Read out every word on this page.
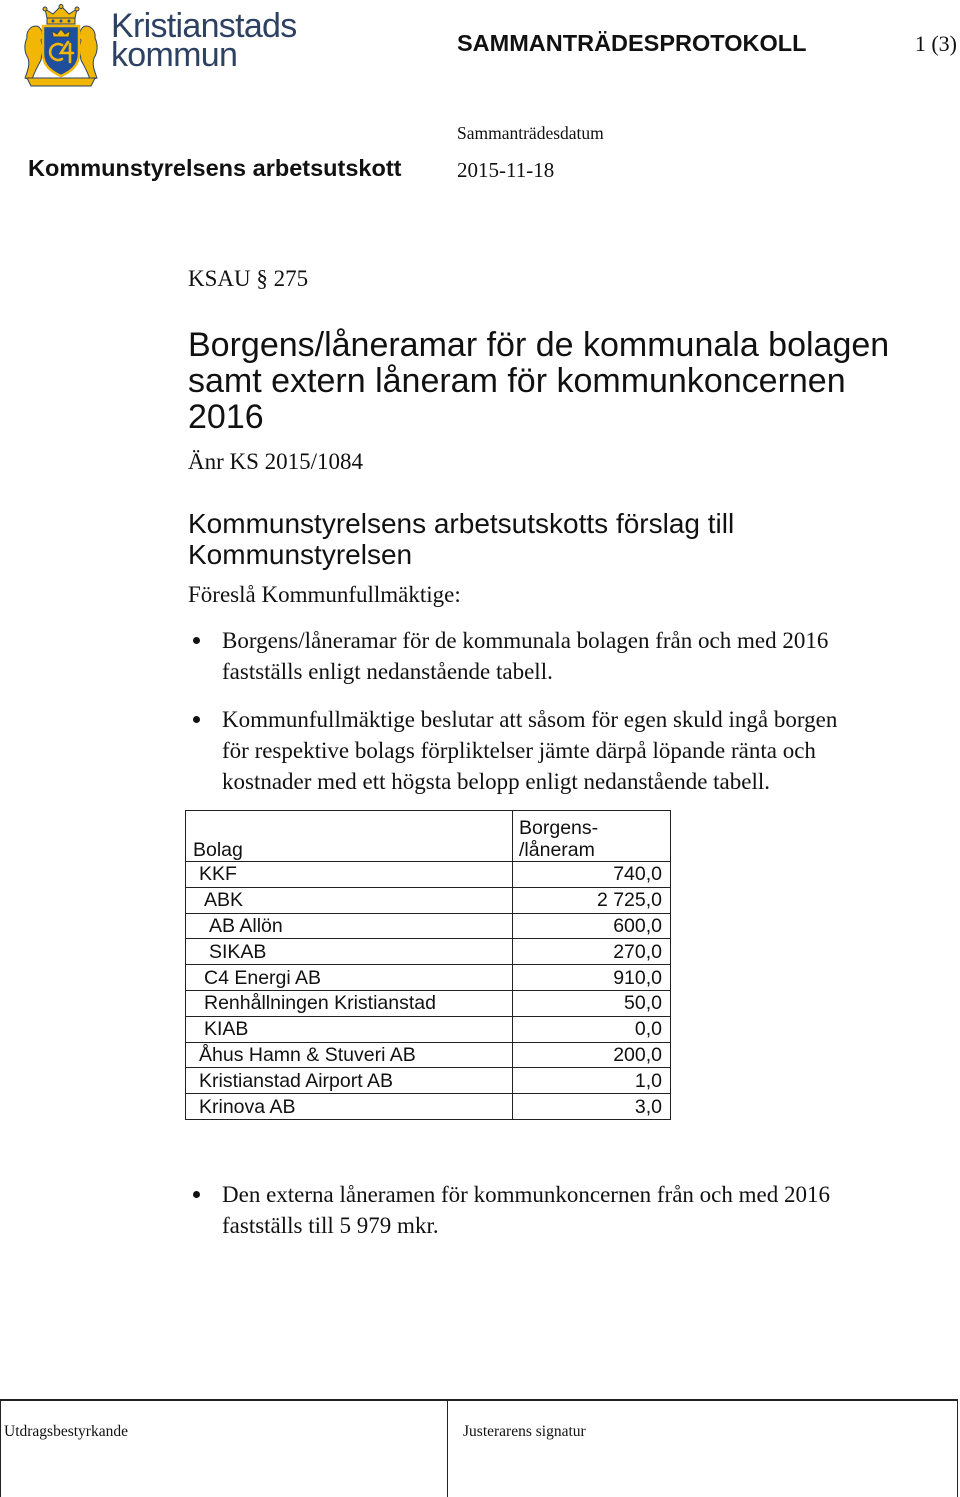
Kristianstads
kommun	SAMMANTRÄDESPROTOKOLL	1 (3)
Sammanträdesdatum
Kommunstyrelsens arbetsutskott	2015-11-18
KSAU § 275
Borgens/låneramar för de kommunala bolagen
samt extern låneram för kommunkoncernen
2016
Änr KS 2015/1084
Kommunstyrelsens arbetsutskotts förslag till
Kommunstyrelsen
Föreslå Kommunfullmäktige:
Borgens/låneramar för de kommunala bolagen från och med 2016
fastställs enligt nedanstående tabell.
Kommunfullmäktige beslutar att såsom för egen skuld ingå borgen
för respektive bolags förpliktelser jämte därpå löpande ränta och
kostnader med ett högsta belopp enligt nedanstående tabell.
Bolag	Borgens-
/låneram

KKF	740,0
ABK	2 725,0
AB Allön	600,0
SIKAB	270,0
C4 Energi AB	910,0
Renhållningen Kristianstad	50,0
KIAB	0,0
Åhus Hamn & Stuveri AB	200,0
Kristianstad Airport AB	1,0
Krinova AB	3,0
Den externa låneramen för kommunkoncernen från och med 2016
fastställs till 5 979 mkr.
Utdragsbestyrkande	Justerarens signatur
